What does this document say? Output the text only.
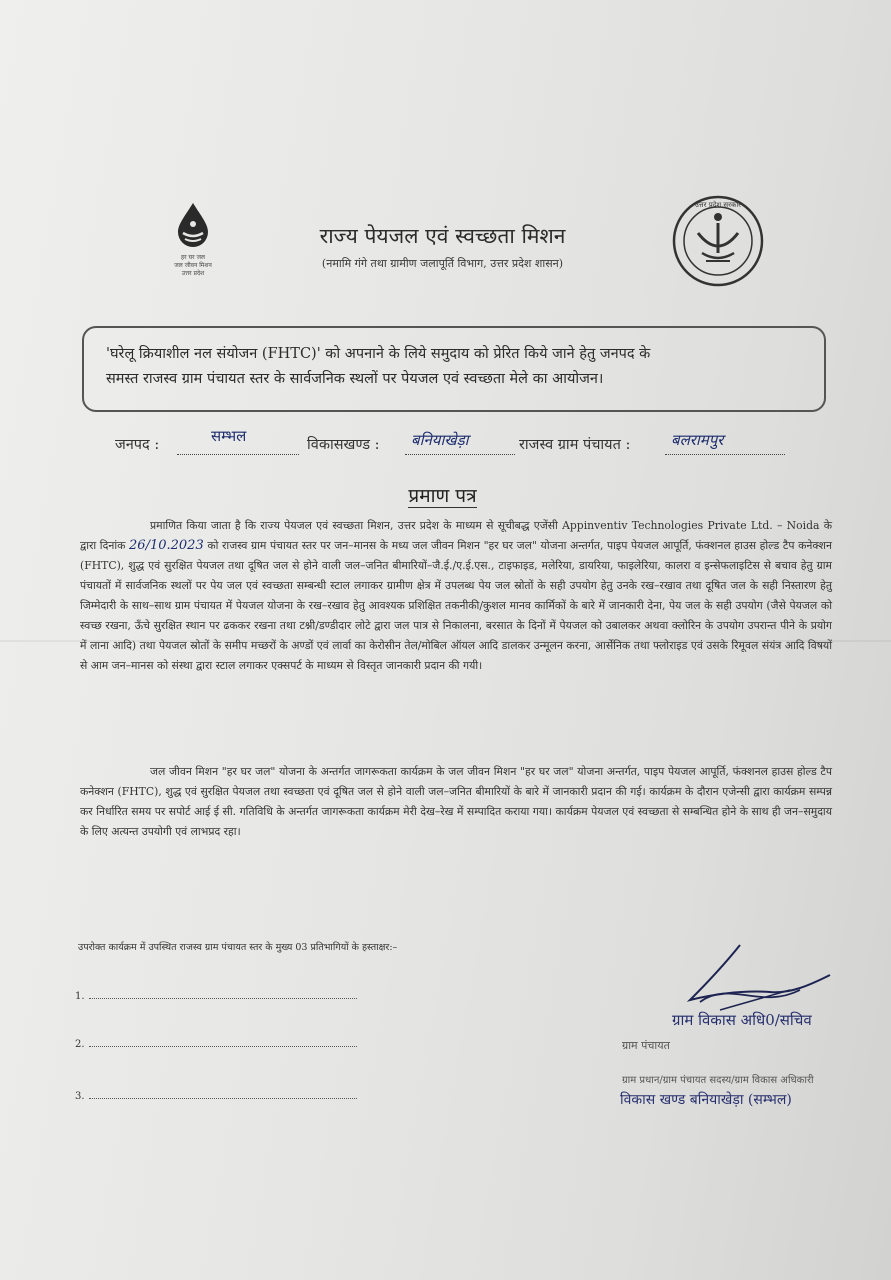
हर घर जल
जल जीवन मिशन
उत्तर प्रदेश
उत्तर प्रदेश सरकार
राज्य पेयजल एवं स्वच्छता मिशन
(नमामि गंगे तथा ग्रामीण जलापूर्ति विभाग, उत्तर प्रदेश शासन)
'घरेलू क्रियाशील नल संयोजन (FHTC)' को अपनाने के लिये समुदाय को प्रेरित किये जाने हेतु जनपद के
समस्त राजस्व ग्राम पंचायत स्तर के सार्वजनिक स्थलों पर पेयजल एवं स्वच्छता मेले का आयोजन।
जनपद :	सम्भल	विकासखण्ड : बनियाखेड़ा	राजस्व ग्राम पंचायत :	बलरामपुर
प्रमाण पत्र
प्रमाणित किया जाता है कि राज्य पेयजल एवं स्वच्छता मिशन, उत्तर प्रदेश के माध्यम से सूचीबद्ध एजेंसी Appinventiv Technologies Private Ltd. – Noida के द्वारा दिनांक 26/10.2023 को राजस्व ग्राम पंचायत स्तर पर जन–मानस के मध्य जल जीवन मिशन "हर घर जल" योजना अन्तर्गत, पाइप पेयजल आपूर्ति, फंक्शनल हाउस होल्ड टैप कनेक्शन (FHTC), शुद्ध एवं सुरक्षित पेयजल तथा दूषित जल से होने वाली जल–जनित बीमारियों–जै.ई./ए.ई.एस., टाइफाइड, मलेरिया, डायरिया, फाइलेरिया, कालरा व इन्सेफलाइटिस से बचाव हेतु ग्राम पंचायतों में सार्वजनिक स्थलों पर पेय जल एवं स्वच्छता सम्बन्धी स्टाल लगाकर ग्रामीण क्षेत्र में उपलब्ध पेय जल स्रोतों के सही उपयोग हेतु उनके रख–रखाव तथा दूषित जल के सही निस्तारण हेतु जिम्मेदारी के साथ–साथ ग्राम पंचायत में पेयजल योजना के रख–रखाव हेतु आवश्यक प्रशिक्षित तकनीकी/कुशल मानव कार्मिकों के बारे में जानकारी देना, पेय जल के सही उपयोग (जैसे पेयजल को स्वच्छ रखना, ऊँचे सुरक्षित स्थान पर ढककर रखना तथा टश्नी/डण्डीदार लोटे द्वारा जल पात्र से निकालना, बरसात के दिनों में पेयजल को उबालकर अथवा क्लोरिन के उपयोग उपरान्त पीने के प्रयोग में लाना आदि) तथा पेयजल स्रोतों के समीप मच्छरों के अण्डों एवं लार्वा का केरोसीन तेल/मोबिल ऑयल आदि डालकर उन्मूलन करना, आर्सेनिक तथा फ्लोराइड एवं उसके रिमूवल संयंत्र आदि विषयों से आम जन–मानस को संस्था द्वारा स्टाल लगाकर एक्सपर्ट के माध्यम से विस्तृत जानकारी प्रदान की गयी।
जल जीवन मिशन "हर घर जल" योजना के अन्तर्गत जागरूकता कार्यक्रम के जल जीवन मिशन "हर घर जल" योजना अन्तर्गत, पाइप पेयजल आपूर्ति, फंक्शनल हाउस होल्ड टैप कनेक्शन (FHTC), शुद्ध एवं सुरक्षित पेयजल तथा स्वच्छता एवं दूषित जल से होने वाली जल–जनित बीमारियों के बारे में जानकारी प्रदान की गई। कार्यक्रम के दौरान एजेन्सी द्वारा कार्यक्रम सम्पन्न कर निर्धारित समय पर सपोर्ट आई ई सी. गतिविधि के अन्तर्गत जागरूकता कार्यक्रम मेरी देख–रेख में सम्पादित कराया गया। कार्यक्रम पेयजल एवं स्वच्छता से सम्बन्धित होने के साथ ही जन–समुदाय के लिए अत्यन्त उपयोगी एवं लाभप्रद रहा।
उपरोक्त कार्यक्रम में उपस्थित राजस्व ग्राम पंचायत स्तर के मुख्य 03 प्रतिभागियों के हस्ताक्षर:–
1.
2.
3.
ग्राम विकास अधि0/सचिव
ग्राम पंचायत
ग्राम प्रधान/ग्राम पंचायत सदस्य/ग्राम विकास अधिकारी
विकास खण्ड बनियाखेड़ा (सम्भल)
